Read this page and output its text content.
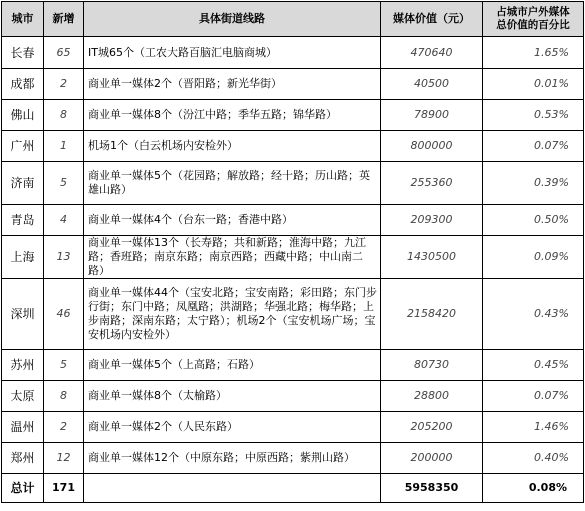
城市	新增	具体街道线路	媒体价值（元）	占城市户外媒体
总价值的百分比

长春	65	IT城65个（工农大路百脑汇电脑商城）	470640	1.65%
成都	2	商业单一媒体2个（晋阳路；新光华街）	40500	0.01%
佛山	8	商业单一媒体8个（汾江中路；季华五路；锦华路）	78900	0.53%
广州	1	机场1个（白云机场内安检外）	800000	0.07%
济南	5	商业单一媒体5个（花园路；解放路；经十路；历山路；英雄山路）	255360	0.39%
青岛	4	商业单一媒体4个（台东一路；香港中路）	209300	0.50%
上海	13	商业单一媒体13个（长寿路；共和新路；淮海中路；九江路；香班路；南京东路；南京西路；西藏中路；中山南二路）	1430500	0.09%
深圳	46	商业单一媒体44个（宝安北路；宝安南路；彩田路；东门步行街；东门中路；凤凰路；洪湖路；华强北路；梅华路；上步南路；深南东路；太宁路）；机场2个（宝安机场广场；宝安机场内安检外）	2158420	0.43%
苏州	5	商业单一媒体5个（上高路；石路）	80730	0.45%
太原	8	商业单一媒体8个（太榆路）	28800	0.07%
温州	2	商业单一媒体2个（人民东路）	205200	1.46%
郑州	12	商业单一媒体12个（中原东路；中原西路；紫荆山路）	200000	0.40%
总计	171		5958350	0.08%
